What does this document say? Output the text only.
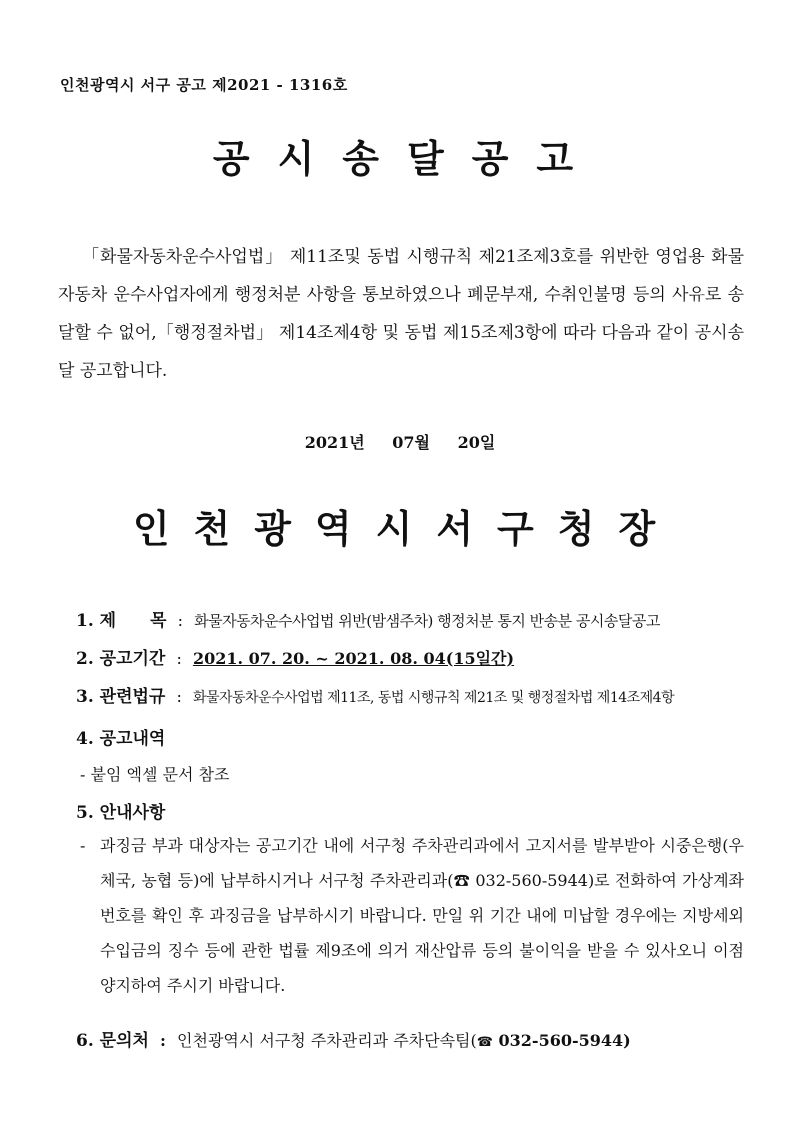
인천광역시 서구 공고 제2021 - 1316호
공시송달공고
「화물자동차운수사업법」 제11조및 동법 시행규칙 제21조제3호를 위반한 영업용 화물자동차 운수사업자에게 행정처분 사항을 통보하였으나 폐문부재, 수취인불명 등의 사유로 송달할 수 없어,「행정절차법」 제14조제4항 및 동법 제15조제3항에 따라 다음과 같이 공시송달 공고합니다.
2021년 07월 20일
인천광역시서구청장
1. 제　　목 : 화물자동차운수사업법 위반(밤샘주차) 행정처분 통지 반송분 공시송달공고
2. 공고기간 : 2021. 07. 20. ~ 2021. 08. 04(15일간)
3. 관련법규 : 화물자동차운수사업법 제11조, 동법 시행규칙 제21조 및 행정절차법 제14조제4항
4. 공고내역
- 붙임 엑셀 문서 참조
5. 안내사항
- 과징금 부과 대상자는 공고기간 내에 서구청 주차관리과에서 고지서를 발부받아 시중은행(우체국, 농협 등)에 납부하시거나 서구청 주차관리과(☎ 032-560-5944)로 전화하여 가상계좌번호를 확인 후 과징금을 납부하시기 바랍니다. 만일 위 기간 내에 미납할 경우에는 지방세외수입금의 징수 등에 관한 법률 제9조에 의거 재산압류 등의 불이익을 받을 수 있사오니 이점 양지하여 주시기 바랍니다.
6. 문의처 : 인천광역시 서구청 주차관리과 주차단속팀(☎ 032-560-5944)
